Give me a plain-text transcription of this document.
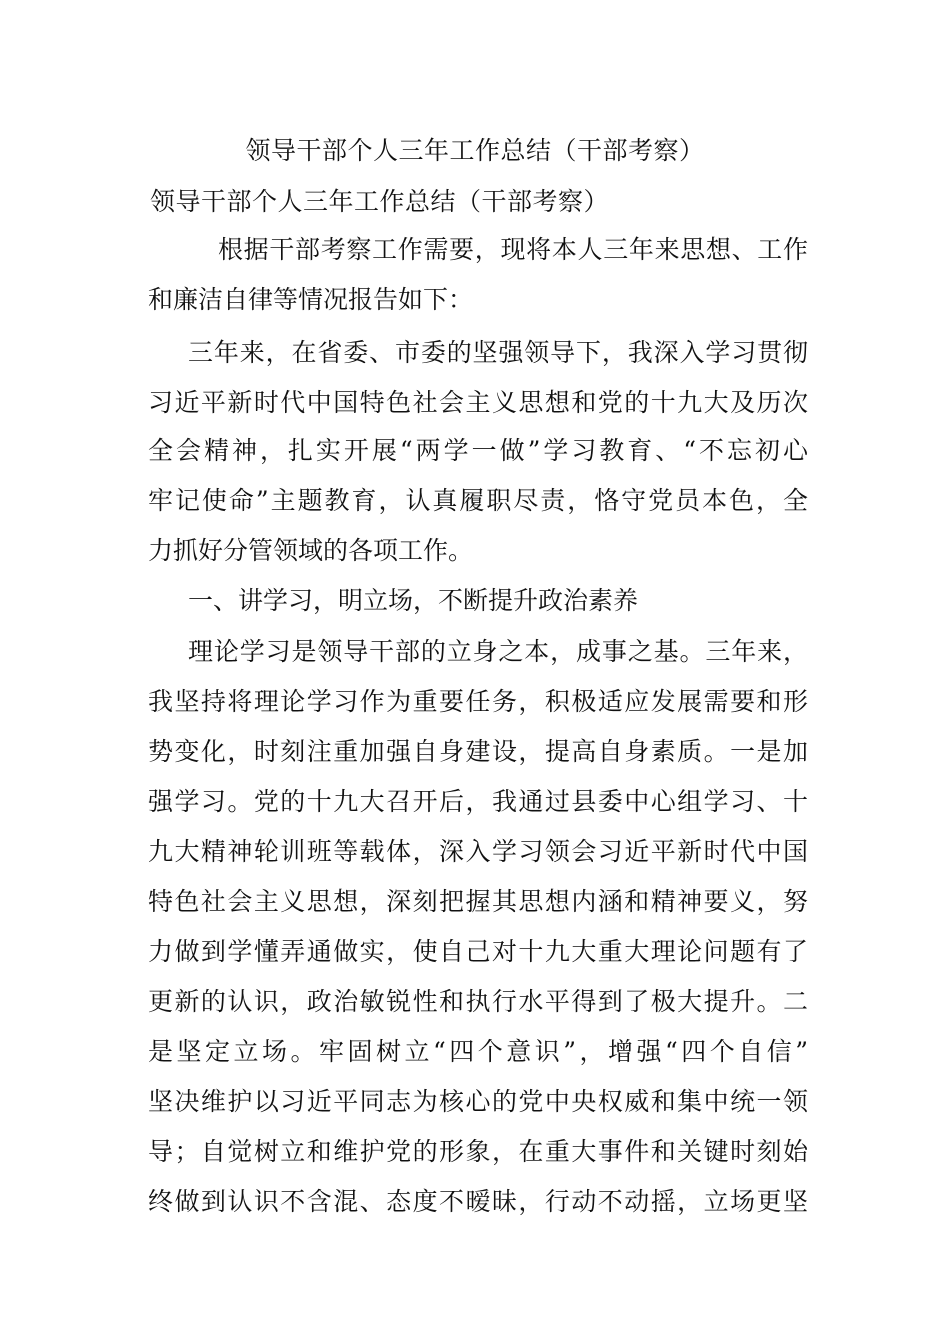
领导干部个人三年工作总结（干部考察）
领导干部个人三年工作总结（干部考察）
根据干部考察工作需要，现将本人三年来思想、工作
和廉洁自律等情况报告如下：
三年来，在省委、市委的坚强领导下，我深入学习贯彻
习近平新时代中国特色社会主义思想和党的十九大及历次
全会精神，扎实开展“两学一做”学习教育、“不忘初心
牢记使命”主题教育，认真履职尽责，恪守党员本色，全
力抓好分管领域的各项工作。
一、讲学习，明立场，不断提升政治素养
理论学习是领导干部的立身之本，成事之基。三年来，
我坚持将理论学习作为重要任务，积极适应发展需要和形
势变化，时刻注重加强自身建设，提高自身素质。一是加
强学习。党的十九大召开后，我通过县委中心组学习、十
九大精神轮训班等载体，深入学习领会习近平新时代中国
特色社会主义思想，深刻把握其思想内涵和精神要义，努
力做到学懂弄通做实，使自己对十九大重大理论问题有了
更新的认识，政治敏锐性和执行水平得到了极大提升。二
是坚定立场。牢固树立“四个意识”，增强“四个自信”
坚决维护以习近平同志为核心的党中央权威和集中统一领
导；自觉树立和维护党的形象，在重大事件和关键时刻始
终做到认识不含混、态度不暧昧，行动不动摇，立场更坚
